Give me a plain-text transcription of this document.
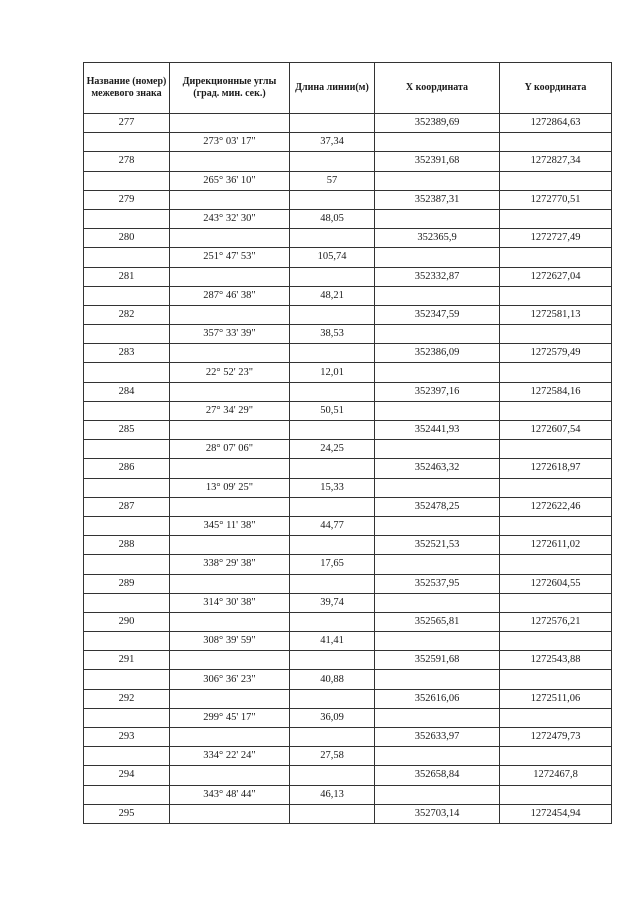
Название (номер) межевого знака	Дирекционные углы (град. мин. сек.)	Длина линии(м)	X координата	Y координата
277			352389,69	1272864,63
	273° 03' 17"	37,34		
278			352391,68	1272827,34
	265° 36' 10"	57		
279			352387,31	1272770,51
	243° 32' 30"	48,05		
280			352365,9	1272727,49
	251° 47' 53"	105,74		
281			352332,87	1272627,04
	287° 46' 38"	48,21		
282			352347,59	1272581,13
	357° 33' 39"	38,53		
283			352386,09	1272579,49
	22° 52' 23"	12,01		
284			352397,16	1272584,16
	27° 34' 29"	50,51		
285			352441,93	1272607,54
	28° 07' 06"	24,25		
286			352463,32	1272618,97
	13° 09' 25"	15,33		
287			352478,25	1272622,46
	345° 11' 38"	44,77		
288			352521,53	1272611,02
	338° 29' 38"	17,65		
289			352537,95	1272604,55
	314° 30' 38"	39,74		
290			352565,81	1272576,21
	308° 39' 59"	41,41		
291			352591,68	1272543,88
	306° 36' 23"	40,88		
292			352616,06	1272511,06
	299° 45' 17"	36,09		
293			352633,97	1272479,73
	334° 22' 24"	27,58		
294			352658,84	1272467,8
	343° 48' 44"	46,13		
295			352703,14	1272454,94
